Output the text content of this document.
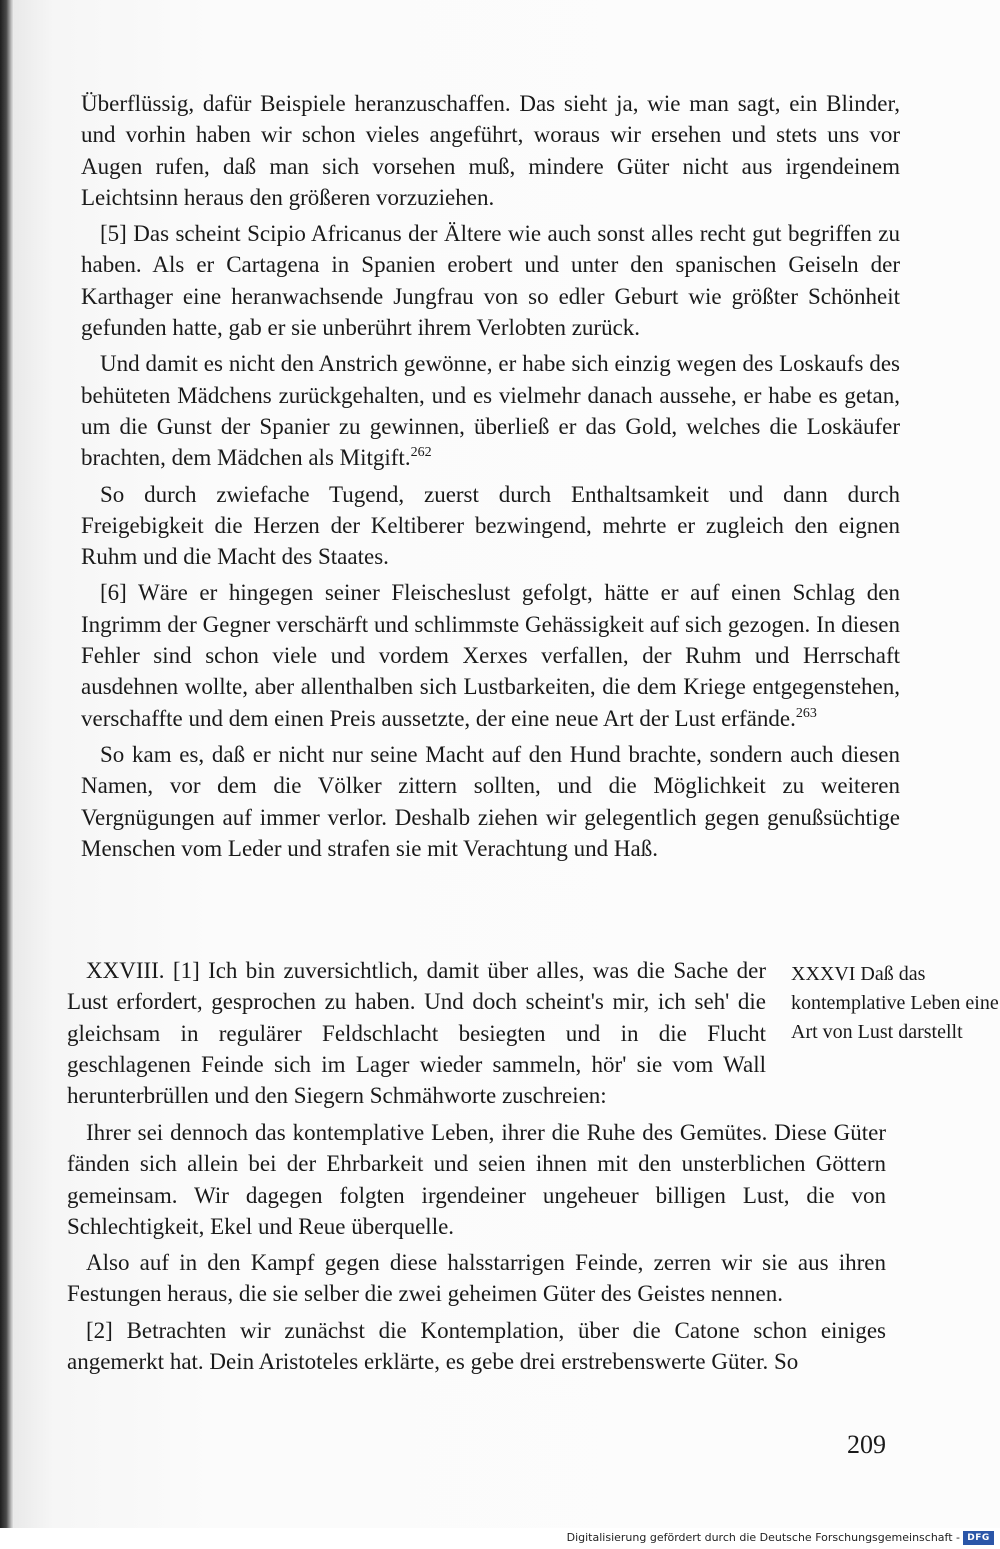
Überflüssig, dafür Beispiele heranzuschaffen. Das sieht ja, wie man sagt, ein Blinder, und vorhin haben wir schon vieles angeführt, woraus wir ersehen und stets uns vor Augen rufen, daß man sich vorsehen muß, mindere Güter nicht aus irgendeinem Leichtsinn heraus den größeren vorzuziehen.

[5] Das scheint Scipio Africanus der Ältere wie auch sonst alles recht gut begriffen zu haben. Als er Cartagena in Spanien erobert und unter den spanischen Geiseln der Karthager eine heranwachsende Jungfrau von so edler Geburt wie größter Schönheit gefunden hatte, gab er sie unberührt ihrem Verlobten zurück.

Und damit es nicht den Anstrich gewönne, er habe sich einzig wegen des Loskaufs des behüteten Mädchens zurückgehalten, und es vielmehr danach aussehe, er habe es getan, um die Gunst der Spanier zu gewinnen, überließ er das Gold, welches die Loskäufer brachten, dem Mädchen als Mitgift.$^{262}$

So durch zwiefache Tugend, zuerst durch Enthaltsamkeit und dann durch Freigebigkeit die Herzen der Keltiberer bezwingend, mehrte er zugleich den eignen Ruhm und die Macht des Staates.

[6] Wäre er hingegen seiner Fleischeslust gefolgt, hätte er auf einen Schlag den Ingrimm der Gegner verschärft und schlimmste Gehässigkeit auf sich gezogen. In diesen Fehler sind schon viele und vordem Xerxes verfallen, der Ruhm und Herrschaft ausdehnen wollte, aber allenthalben sich Lustbarkeiten, die dem Kriege entgegenstehen, verschaffte und dem einen Preis aussetzte, der eine neue Art der Lust erfände.$^{263}$

So kam es, daß er nicht nur seine Macht auf den Hund brachte, sondern auch diesen Namen, vor dem die Völker zittern sollten, und die Möglichkeit zu weiteren Vergnügungen auf immer verlor. Deshalb ziehen wir gelegentlich gegen genußsüchtige Menschen vom Leder und strafen sie mit Verachtung und Haß.

XXXVI Daß das kontemplative Leben eine Art von Lust darstellt

XXVIII. [1] Ich bin zuversichtlich, damit über alles, was die Sache der Lust erfordert, gesprochen zu haben. Und doch scheint's mir, ich seh' die gleichsam in regulärer Feldschlacht besiegten und in die Flucht geschlagenen Feinde sich im Lager wieder sammeln, hör' sie vom Wall herunterbrüllen und den Siegern Schmähworte zuschreien:

Ihrer sei dennoch das kontemplative Leben, ihrer die Ruhe des Gemütes. Diese Güter fänden sich allein bei der Ehrbarkeit und seien ihnen mit den unsterblichen Göttern gemeinsam. Wir dagegen folgten irgendeiner ungeheuer billigen Lust, die von Schlechtigkeit, Ekel und Reue überquelle.

Also auf in den Kampf gegen diese halsstarrigen Feinde, zerren wir sie aus ihren Festungen heraus, die sie selber die zwei geheimen Güter des Geistes nennen.

[2] Betrachten wir zunächst die Kontemplation, über die Catone schon einiges angemerkt hat. Dein Aristoteles erklärte, es gebe drei erstrebenswerte Güter. So

209
Digitalisierung gefördert durch die Deutsche Forschungsgemeinschaft - DFG
